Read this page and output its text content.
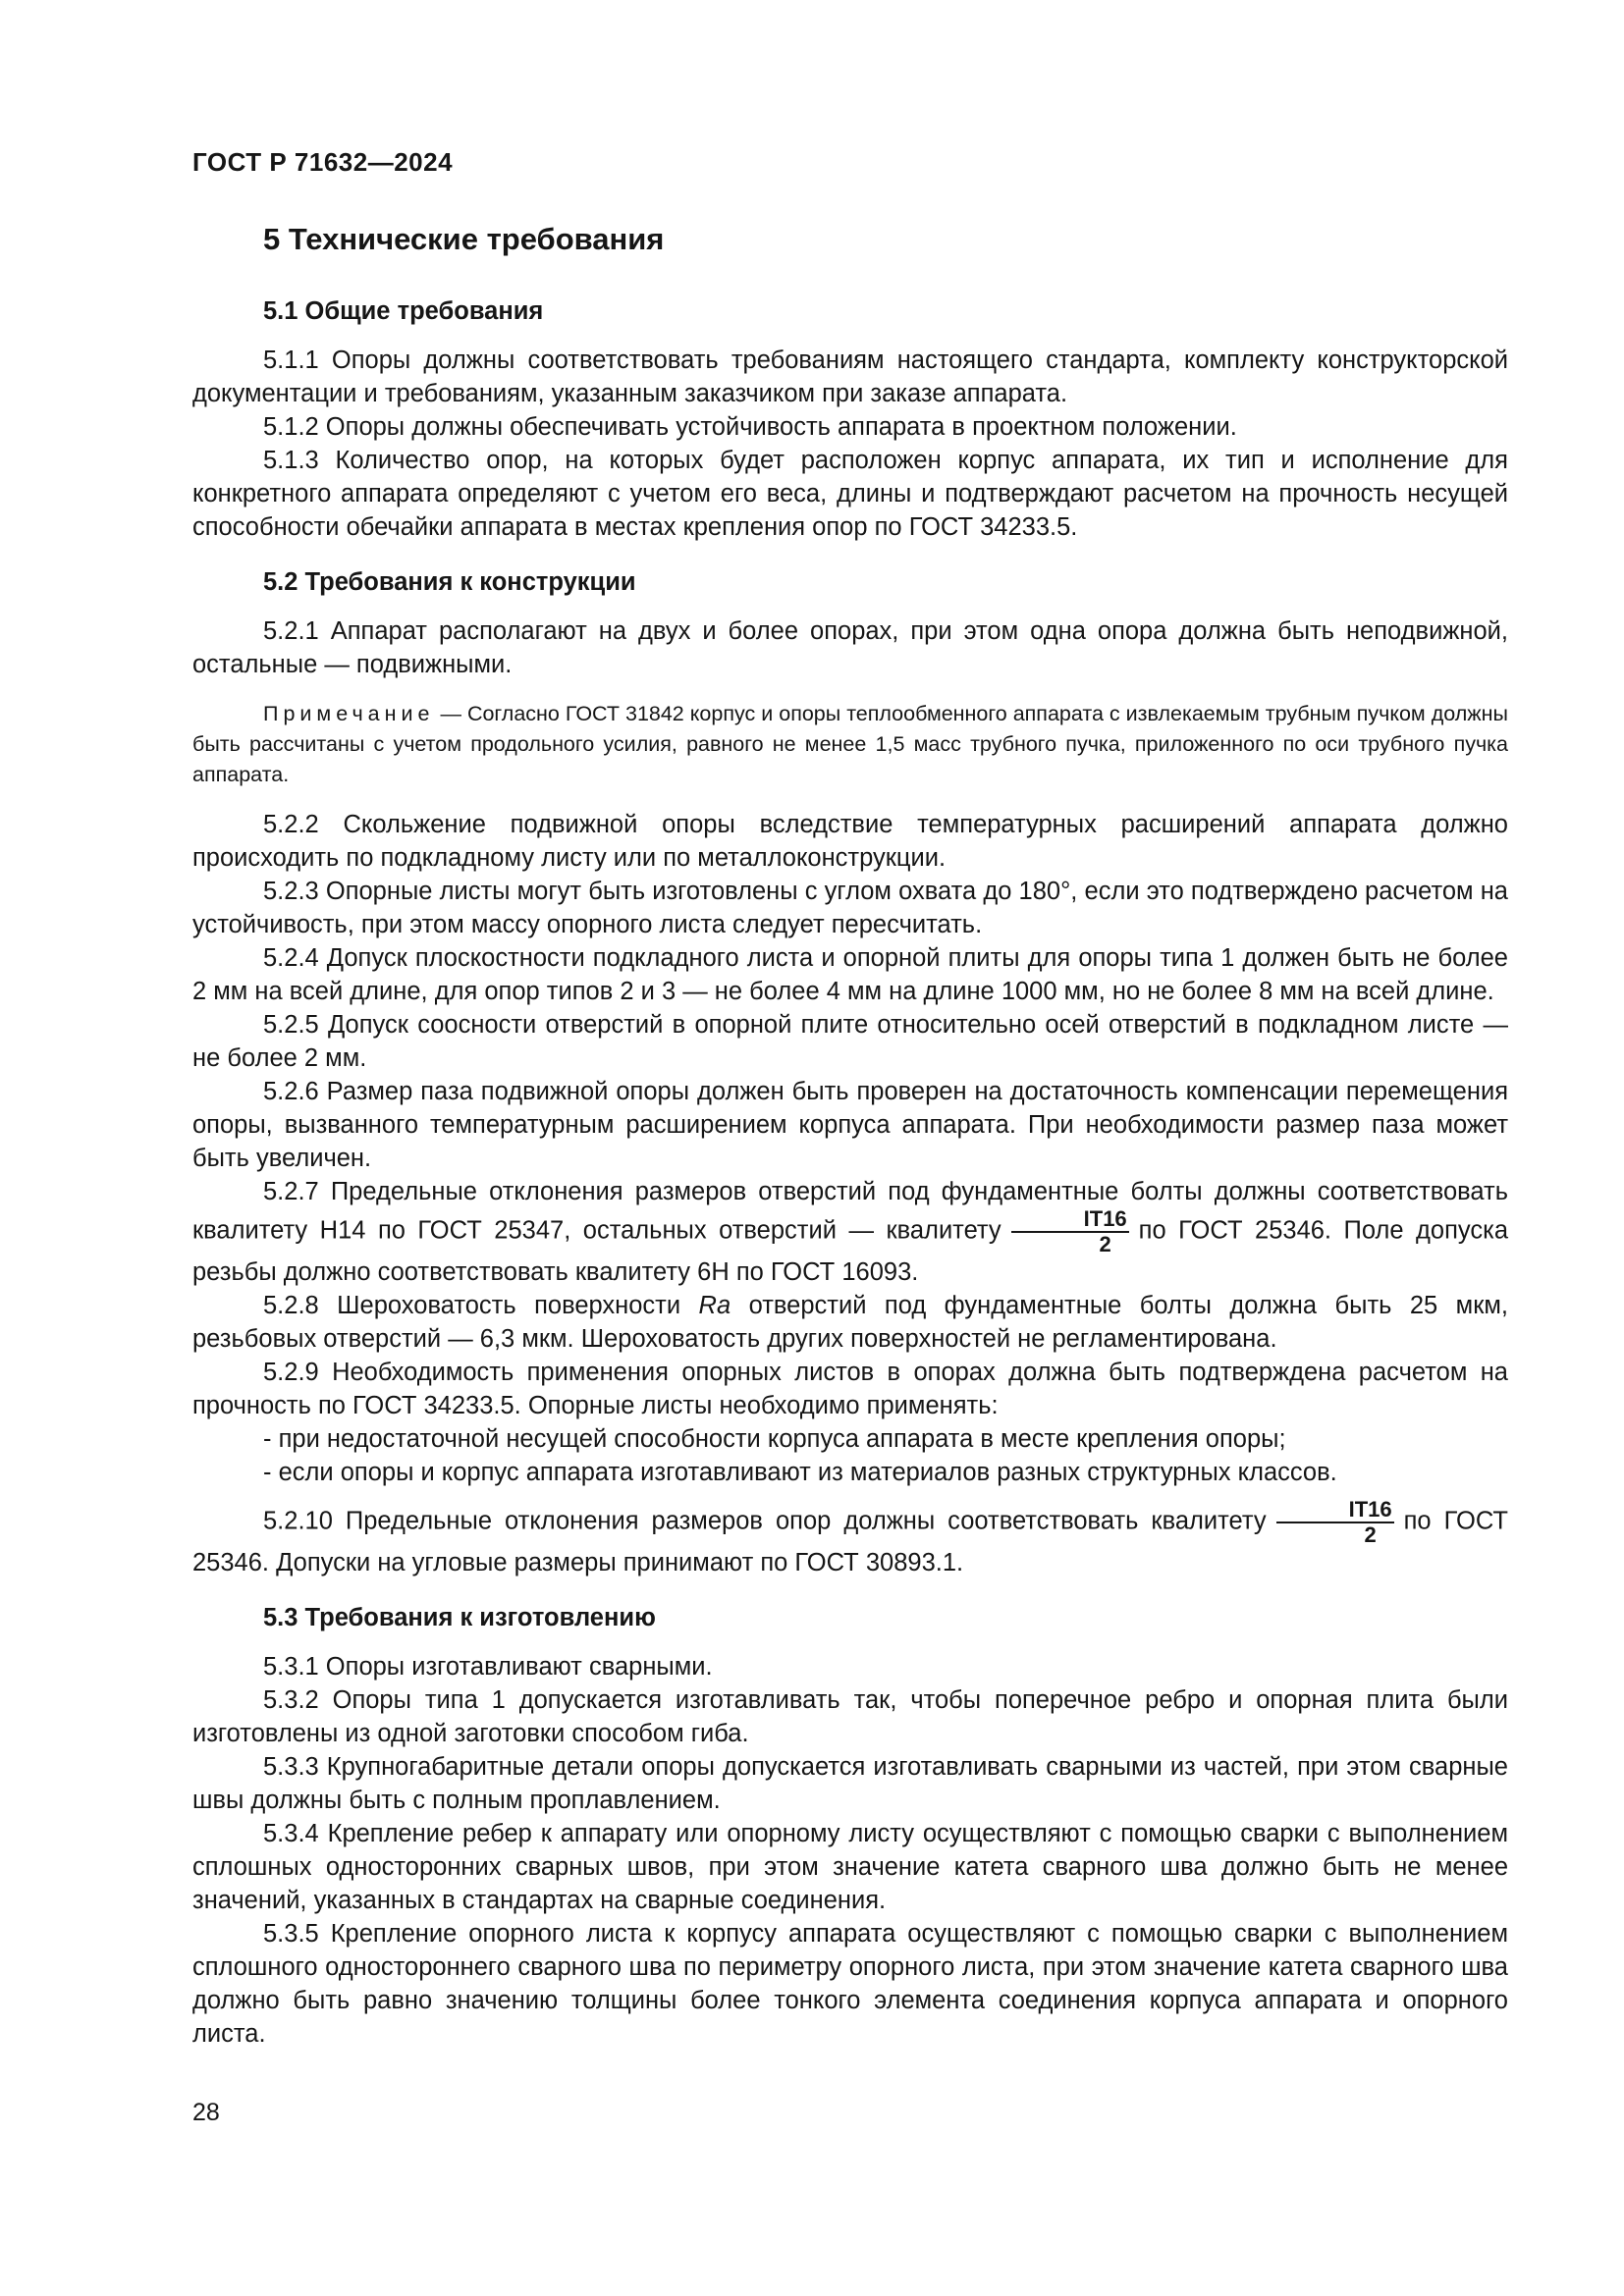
ГОСТ Р 71632—2024
5 Технические требования
5.1 Общие требования

5.1.1 Опоры должны соответствовать требованиям настоящего стандарта, комплекту конструкторской документации и требованиям, указанным заказчиком при заказе аппарата.

5.1.2 Опоры должны обеспечивать устойчивость аппарата в проектном положении.

5.1.3 Количество опор, на которых будет расположен корпус аппарата, их тип и исполнение для конкретного аппарата определяют с учетом его веса, длины и подтверждают расчетом на прочность несущей способности обечайки аппарата в местах крепления опор по ГОСТ 34233.5.

5.2 Требования к конструкции

5.2.1 Аппарат располагают на двух и более опорах, при этом одна опора должна быть неподвижной, остальные — подвижными.

Примечание — Согласно ГОСТ 31842 корпус и опоры теплообменного аппарата с извлекаемым трубным пучком должны быть рассчитаны с учетом продольного усилия, равного не менее 1,5 масс трубного пучка, приложенного по оси трубного пучка аппарата.

5.2.2 Скольжение подвижной опоры вследствие температурных расширений аппарата должно происходить по подкладному листу или по металлоконструкции.

5.2.3 Опорные листы могут быть изготовлены с углом охвата до 180°, если это подтверждено расчетом на устойчивость, при этом массу опорного листа следует пересчитать.

5.2.4 Допуск плоскостности подкладного листа и опорной плиты для опоры типа 1 должен быть не более 2 мм на всей длине, для опор типов 2 и 3 — не более 4 мм на длине 1000 мм, но не более 8 мм на всей длине.

5.2.5 Допуск соосности отверстий в опорной плите относительно осей отверстий в подкладном листе — не более 2 мм.

5.2.6 Размер паза подвижной опоры должен быть проверен на достаточность компенсации перемещения опоры, вызванного температурным расширением корпуса аппарата. При необходимости размер паза может быть увеличен.

5.2.7 Предельные отклонения размеров отверстий под фундаментные болты должны соответствовать квалитету Н14 по ГОСТ 25347, остальных отверстий — квалитету $\frac{IT16}{2}$ по ГОСТ 25346. Поле допуска резьбы должно соответствовать квалитету 6Н по ГОСТ 16093.

5.2.8 Шероховатость поверхности Ra отверстий под фундаментные болты должна быть 25 мкм, резьбовых отверстий — 6,3 мкм. Шероховатость других поверхностей не регламентирована.

5.2.9 Необходимость применения опорных листов в опорах должна быть подтверждена расчетом на прочность по ГОСТ 34233.5. Опорные листы необходимо применять:

- при недостаточной несущей способности корпуса аппарата в месте крепления опоры;

- если опоры и корпус аппарата изготавливают из материалов разных структурных классов.

5.2.10 Предельные отклонения размеров опор должны соответствовать квалитету $\frac{IT16}{2}$ по ГОСТ 25346. Допуски на угловые размеры принимают по ГОСТ 30893.1.

5.3 Требования к изготовлению

5.3.1 Опоры изготавливают сварными.

5.3.2 Опоры типа 1 допускается изготавливать так, чтобы поперечное ребро и опорная плита были изготовлены из одной заготовки способом гиба.

5.3.3 Крупногабаритные детали опоры допускается изготавливать сварными из частей, при этом сварные швы должны быть с полным проплавлением.

5.3.4 Крепление ребер к аппарату или опорному листу осуществляют с помощью сварки с выполнением сплошных односторонних сварных швов, при этом значение катета сварного шва должно быть не менее значений, указанных в стандартах на сварные соединения.

5.3.5 Крепление опорного листа к корпусу аппарата осуществляют с помощью сварки с выполнением сплошного одностороннего сварного шва по периметру опорного листа, при этом значение катета сварного шва должно быть равно значению толщины более тонкого элемента соединения корпуса аппарата и опорного листа.

28
